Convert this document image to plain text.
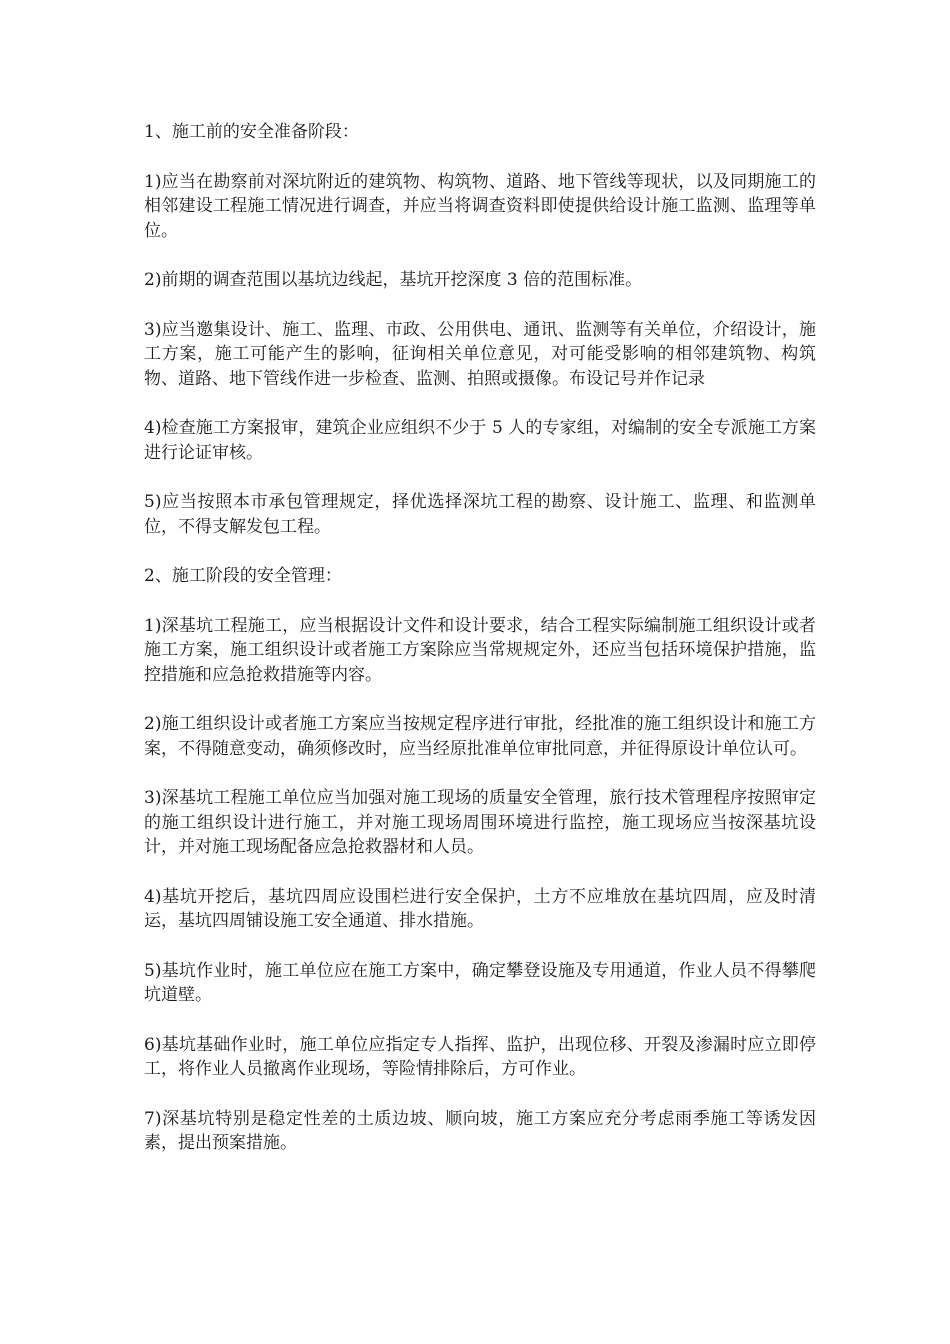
1、施工前的安全准备阶段：

1)应当在勘察前对深坑附近的建筑物、构筑物、道路、地下管线等现状，以及同期施工的相邻建设工程施工情况进行调查，并应当将调查资料即使提供给设计施工监测、监理等单位。

2)前期的调查范围以基坑边线起，基坑开挖深度 3 倍的范围标准。

3)应当邀集设计、施工、监理、市政、公用供电、通讯、监测等有关单位，介绍设计，施工方案，施工可能产生的影响，征询相关单位意见，对可能受影响的相邻建筑物、构筑物、道路、地下管线作进一步检查、监测、拍照或摄像。布设记号并作记录

4)检查施工方案报审，建筑企业应组织不少于 5 人的专家组，对编制的安全专派施工方案进行论证审核。

5)应当按照本市承包管理规定，择优选择深坑工程的勘察、设计施工、监理、和监测单位，不得支解发包工程。

2、施工阶段的安全管理：

1)深基坑工程施工，应当根据设计文件和设计要求，结合工程实际编制施工组织设计或者施工方案，施工组织设计或者施工方案除应当常规规定外，还应当包括环境保护措施，监控措施和应急抢救措施等内容。

2)施工组织设计或者施工方案应当按规定程序进行审批，经批准的施工组织设计和施工方案，不得随意变动，确须修改时，应当经原批准单位审批同意，并征得原设计单位认可。

3)深基坑工程施工单位应当加强对施工现场的质量安全管理，旅行技术管理程序按照审定的施工组织设计进行施工，并对施工现场周围环境进行监控，施工现场应当按深基坑设计，并对施工现场配备应急抢救器材和人员。

4)基坑开挖后，基坑四周应设围栏进行安全保护，土方不应堆放在基坑四周，应及时清运，基坑四周铺设施工安全通道、排水措施。

5)基坑作业时，施工单位应在施工方案中，确定攀登设施及专用通道，作业人员不得攀爬坑道壁。

6)基坑基础作业时，施工单位应指定专人指挥、监护，出现位移、开裂及渗漏时应立即停工，将作业人员撤离作业现场，等险情排除后，方可作业。

7)深基坑特别是稳定性差的土质边坡、顺向坡，施工方案应充分考虑雨季施工等诱发因素，提出预案措施。
